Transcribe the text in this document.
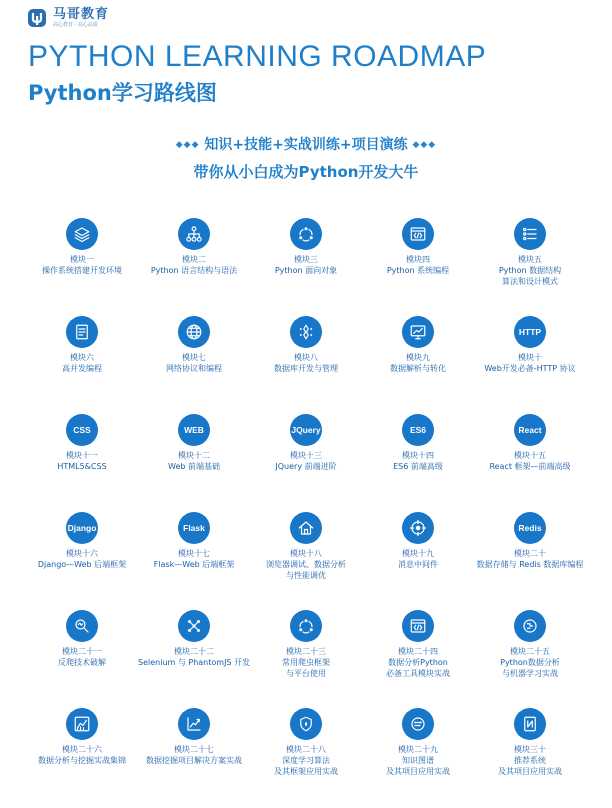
马哥教育
高心教育 · 高心品质
PYTHON LEARNING ROADMAP
Python学习路线图
◆◆◆ 知识+技能+实战训练+项目演练 ◆◆◆
带你从小白成为Python开发大牛
模块一
操作系统搭建开发环境
模块二
Python 语言结构与语法
模块三
Python 面向对象
模块四
Python 系统编程
模块五
Python 数据结构
算法和设计模式
模块六
高并发编程
模块七
网络协议和编程
模块八
数据库开发与管理
模块九
数据解析与转化
HTTP
模块十
Web开发必备-HTTP 协议
CSS
模块十一
HTML5&CSS
WEB
模块十二
Web 前端基础
JQuery
模块十三
JQuery 前端进阶
ES6
模块十四
ES6 前端高级
React
模块十五
React 框架—前端高级
Django
模块十六
Django—Web 后端框架
Flask
模块十七
Flask—Web 后端框架
模块十八
浏览器调试、数据分析
与性能调优
模块十九
消息中间件
Redis
模块二十
数据存储与 Redis 数据库编程
模块二十一
反爬技术破解
模块二十二
Selenium 与 PhantomJS 开发
模块二十三
常用爬虫框架
与平台使用
模块二十四
数据分析Python
必备工具模块实战
模块二十五
Python数据分析
与机器学习实战
模块二十六
数据分析与挖掘实战集锦
模块二十七
数据挖掘项目解决方案实战
模块二十八
深度学习算法
及其框架应用实战
模块二十九
知识图谱
及其项目应用实战
模块三十
推荐系统
及其项目应用实战
